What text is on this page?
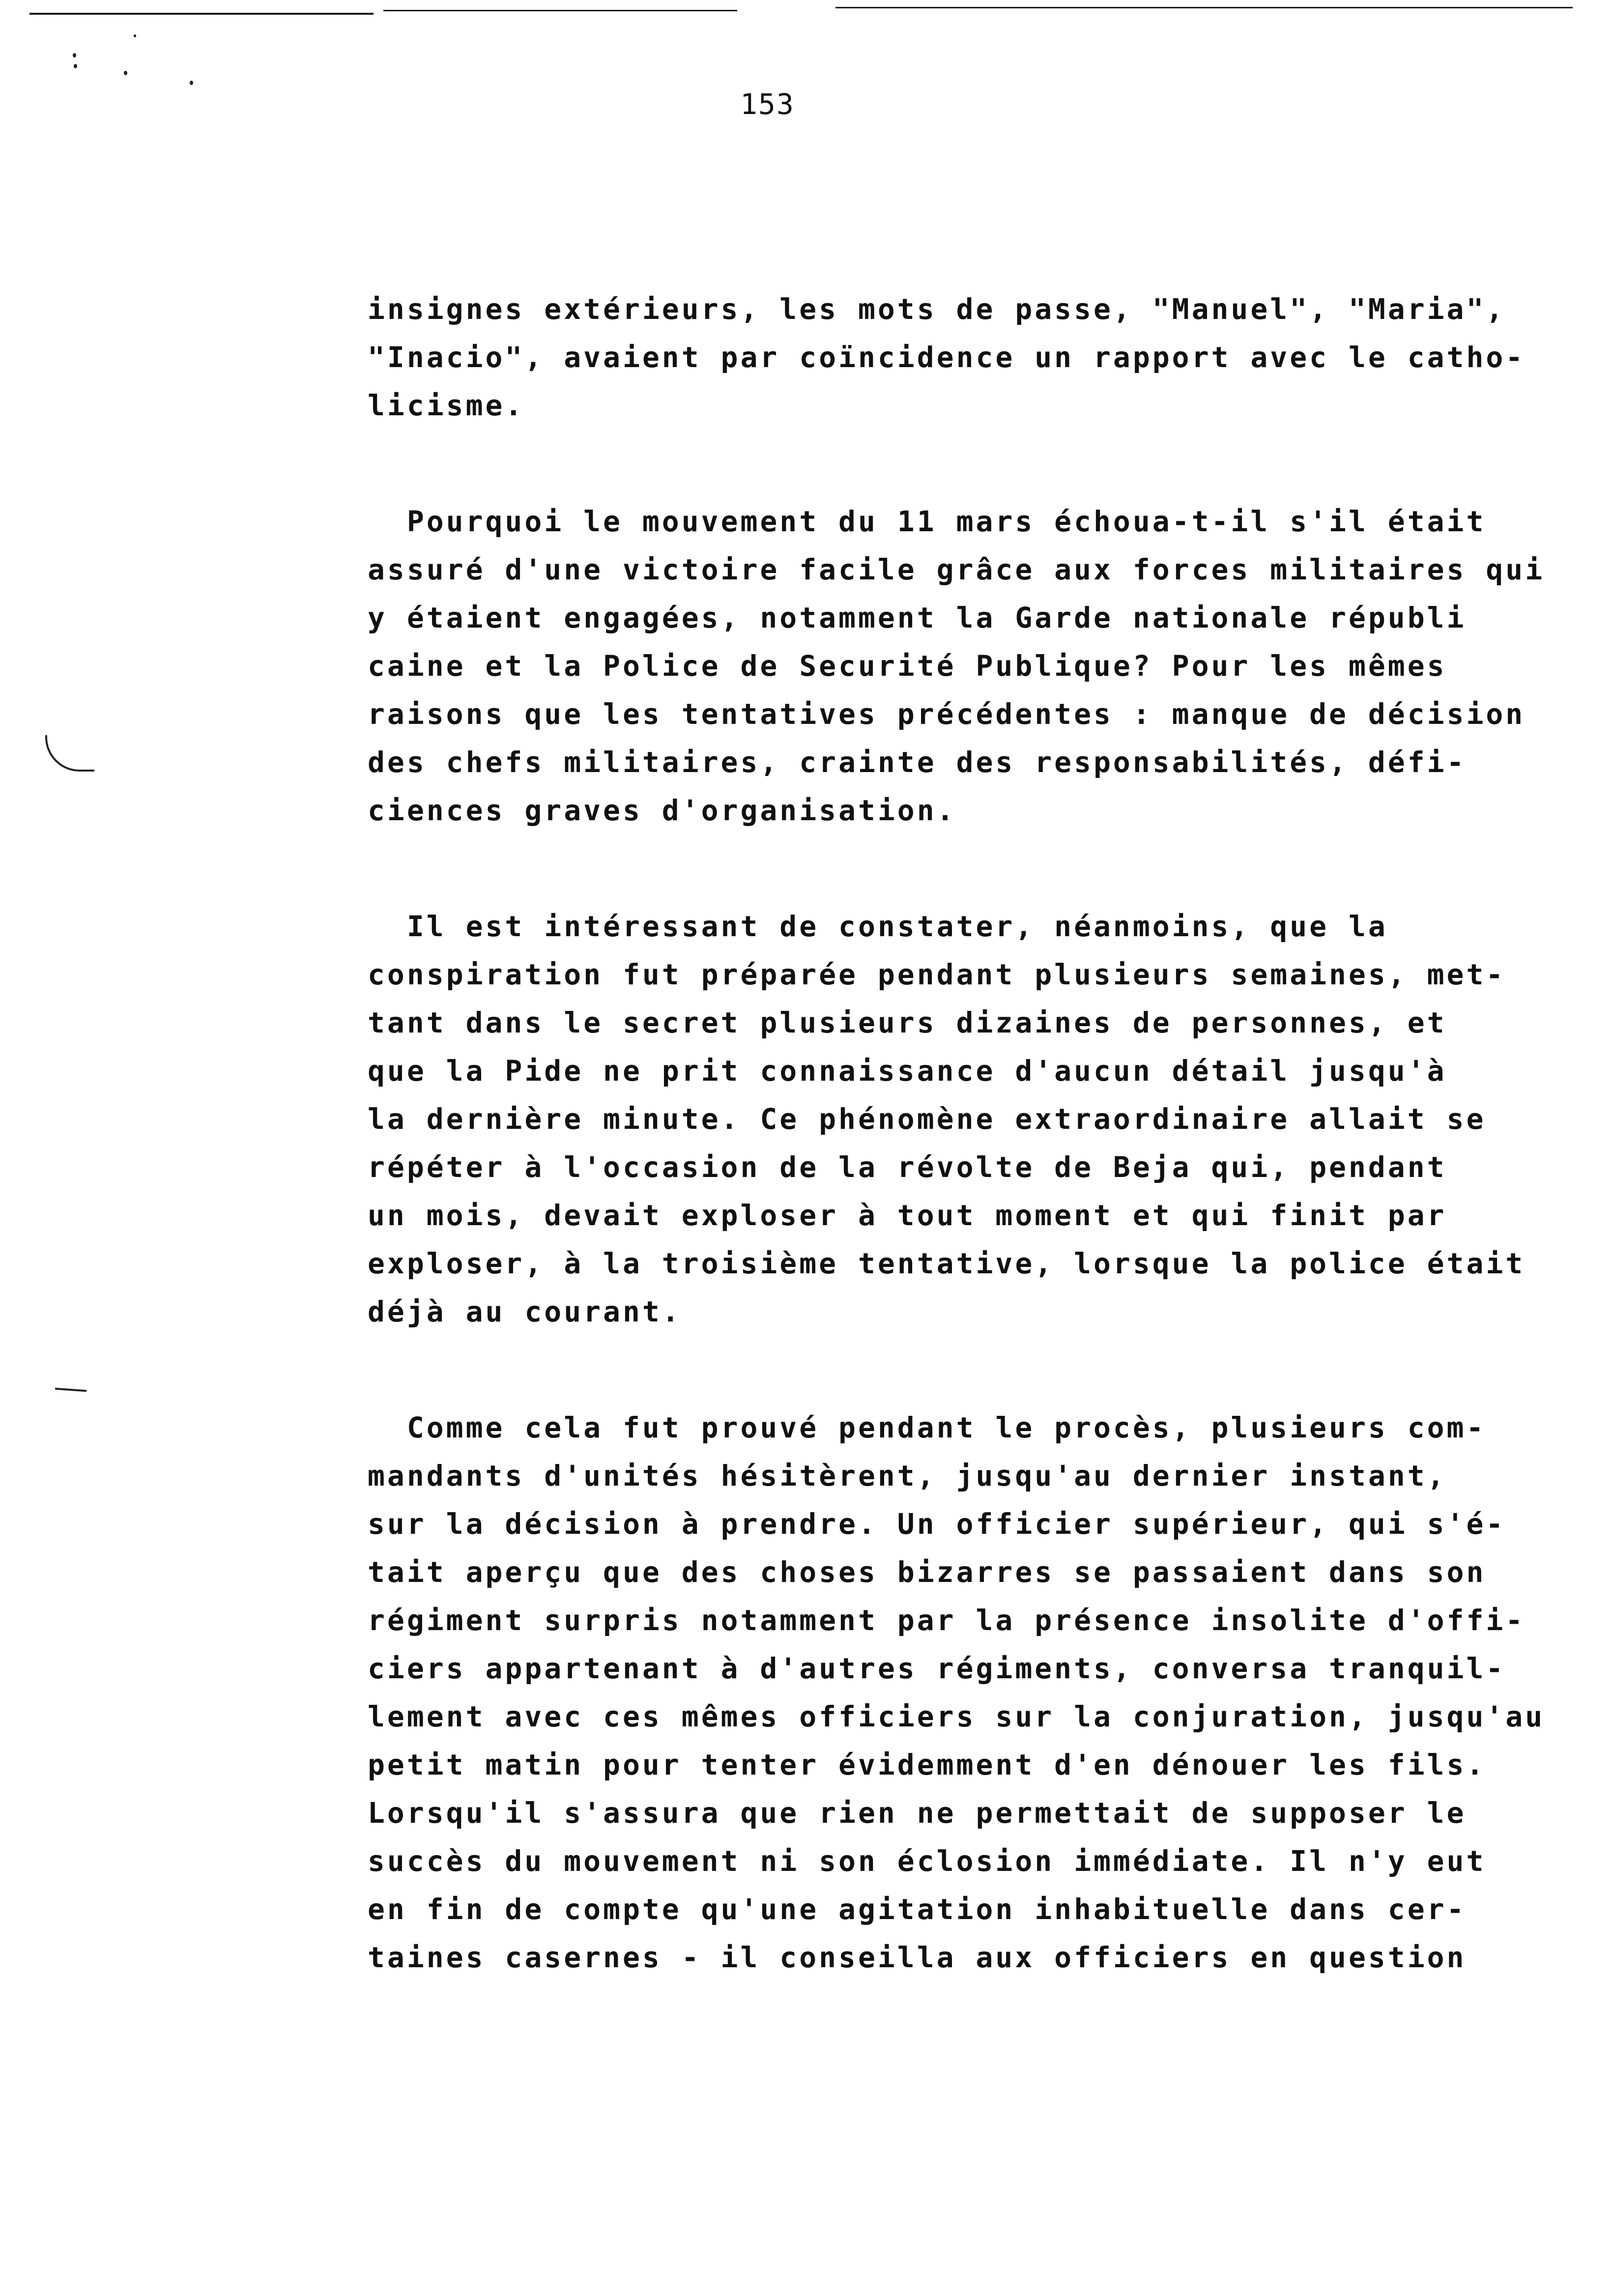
153
insignes extérieurs, les mots de passe, "Manuel", "Maria",
"Inacio", avaient par coïncidence un rapport avec le catho-
licisme.
Pourquoi le mouvement du 11 mars échoua-t-il s'il était
assuré d'une victoire facile grâce aux forces militaires qui
y étaient engagées, notamment la Garde nationale républi
caine et la Police de Securité Publique? Pour les mêmes
raisons que les tentatives précédentes : manque de décision
des chefs militaires, crainte des responsabilités, défi-
ciences graves d'organisation.
Il est intéressant de constater, néanmoins, que la
conspiration fut préparée pendant plusieurs semaines, met-
tant dans le secret plusieurs dizaines de personnes, et
que la Pide ne prit connaissance d'aucun détail jusqu'à
la dernière minute. Ce phénomène extraordinaire allait se
répéter à l'occasion de la révolte de Beja qui, pendant
un mois, devait exploser à tout moment et qui finit par
exploser, à la troisième tentative, lorsque la police était
déjà au courant.
Comme cela fut prouvé pendant le procès, plusieurs com-
mandants d'unités hésitèrent, jusqu'au dernier instant,
sur la décision à prendre. Un officier supérieur, qui s'é-
tait aperçu que des choses bizarres se passaient dans son
régiment surpris notamment par la présence insolite d'offi-
ciers appartenant à d'autres régiments, conversa tranquil-
lement avec ces mêmes officiers sur la conjuration, jusqu'au
petit matin pour tenter évidemment d'en dénouer les fils.
Lorsqu'il s'assura que rien ne permettait de supposer le
succès du mouvement ni son éclosion immédiate. Il n'y eut
en fin de compte qu'une agitation inhabituelle dans cer-
taines casernes - il conseilla aux officiers en question
